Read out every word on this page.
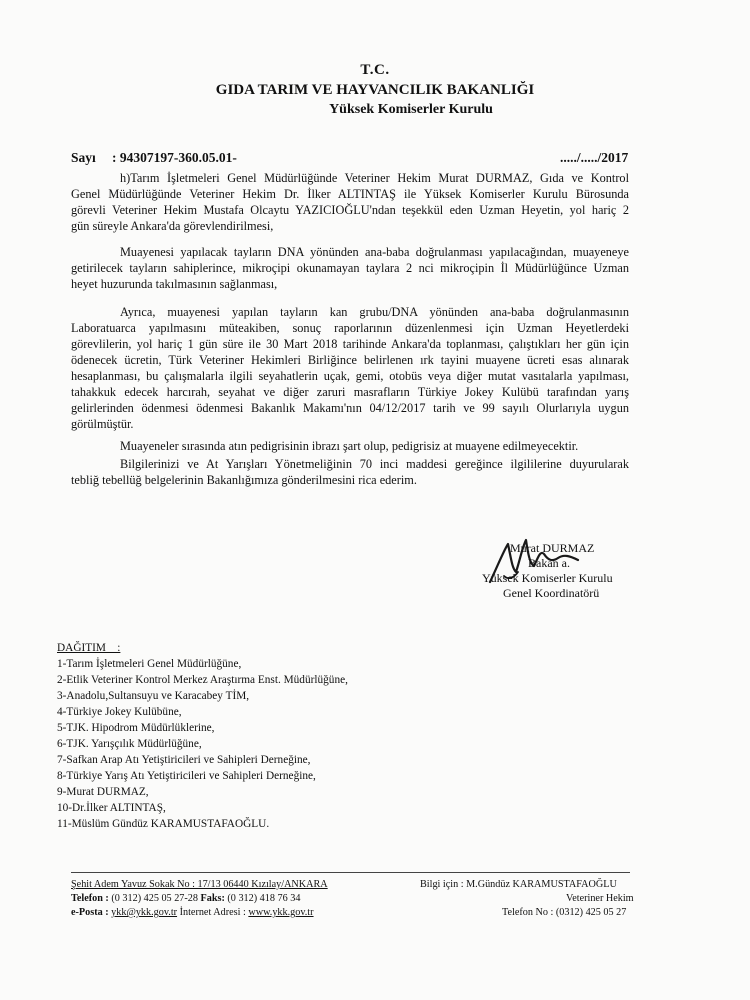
T.C.
GIDA TARIM VE HAYVANCILIK BAKANLIĞI
Yüksek Komiserler Kurulu
Sayı : 94307197-360.05.01-	...../...../2017
h)Tarım İşletmeleri Genel Müdürlüğünde Veteriner Hekim Murat DURMAZ, Gıda ve Kontrol
Genel Müdürlüğünde Veteriner Hekim Dr. İlker ALTINTAŞ ile Yüksek Komiserler Kurulu Bürosunda
görevli Veteriner Hekim Mustafa Olcaytu YAZICIOĞLU'ndan teşekkül eden Uzman Heyetin, yol hariç 2
gün süreyle Ankara'da görevlendirilmesi,
Muayenesi yapılacak tayların DNA yönünden ana-baba doğrulanması yapılacağından, muayeneye
getirilecek tayların sahiplerince, mikroçipi okunamayan taylara 2 nci mikroçipin İl Müdürlüğünce Uzman
heyet huzurunda takılmasının sağlanması,
Ayrıca, muayenesi yapılan tayların kan grubu/DNA yönünden ana-baba doğrulanmasının
Laboratuarca yapılmasını müteakiben, sonuç raporlarının düzenlenmesi için Uzman Heyetlerdeki
görevlilerin, yol hariç 1 gün süre ile 30 Mart 2018 tarihinde Ankara'da toplanması, çalıştıkları her gün için
ödenecek ücretin, Türk Veteriner Hekimleri Birliğince belirlenen ırk tayini muayene ücreti esas alınarak
hesaplanması, bu çalışmalarla ilgili seyahatlerin uçak, gemi, otobüs veya diğer mutat vasıtalarla yapılması,
tahakkuk edecek harcırah, seyahat ve diğer zaruri masrafların Türkiye Jokey Kulübü tarafından yarış
gelirlerinden ödenmesi ödenmesi Bakanlık Makamı'nın 04/12/2017 tarih ve 99 sayılı Olurlarıyla uygun
görülmüştür.
Muayeneler sırasında atın pedigrisinin ibrazı şart olup, pedigrisiz at muayene edilmeyecektir.
Bilgilerinizi ve At Yarışları Yönetmeliğinin 70 inci maddesi gereğince ilgililerine duyurularak
tebliğ tebellüğ belgelerinin Bakanlığımıza gönderilmesini rica ederim.
Murat DURMAZ
Bakan a.
Yüksek Komiserler Kurulu
Genel Koordinatörü
DAĞITIM    :
1-Tarım İşletmeleri Genel Müdürlüğüne,
2-Etlik Veteriner Kontrol Merkez Araştırma Enst. Müdürlüğüne,
3-Anadolu,Sultansuyu ve Karacabey TİM,
4-Türkiye Jokey Kulübüne,
5-TJK. Hipodrom Müdürlüklerine,
6-TJK. Yarışçılık Müdürlüğüne,
7-Safkan Arap Atı Yetiştiricileri ve Sahipleri Derneğine,
8-Türkiye Yarış Atı Yetiştiricileri ve Sahipleri Derneğine,
9-Murat DURMAZ,
10-Dr.İlker ALTINTAŞ,
11-Müslüm Gündüz KARAMUSTAFAOĞLU.
Şehit Adem Yavuz Sokak No : 17/13 06440 Kızılay/ANKARA
Telefon : (0 312) 425 05 27-28 Faks: (0 312) 418 76 34
e-Posta : ykk@ykk.gov.tr İnternet Adresi : www.ykk.gov.tr
Bilgi için : M.Gündüz KARAMUSTAFAOĞLU
Veteriner Hekim
Telefon No : (0312) 425 05 27
